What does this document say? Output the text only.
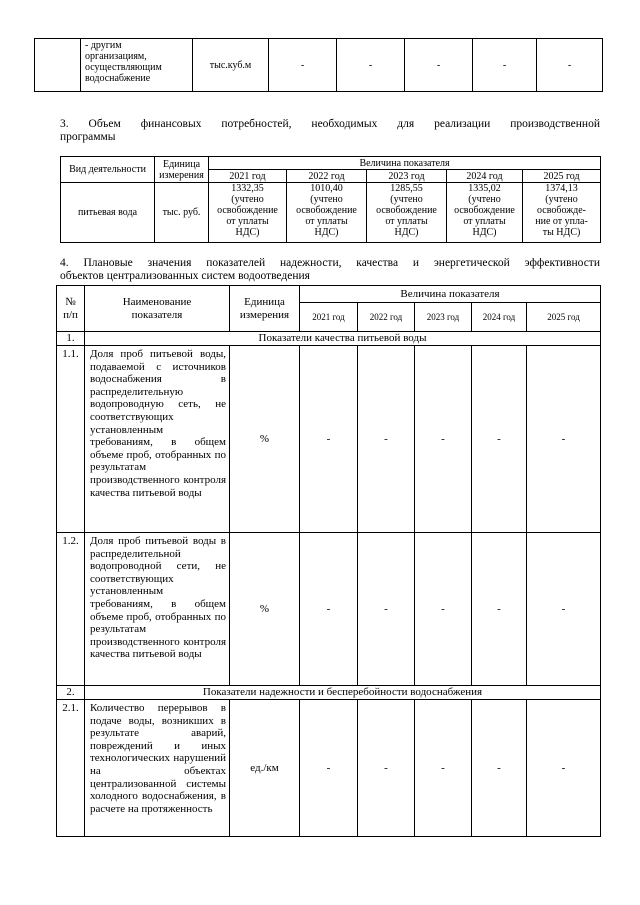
- другим
организациям,
осуществляющим
водоснабжение
	тыс.куб.м	-	-	-	-	-
3. Объем финансовых потребностей, необходимых для реализации производственной
программы
Вид деятельности	Единица измерения	Величина показателя				
		2021 год	2022 год	2023 год	2024 год	2025 год
питьевая вода	тыс. руб.	1332,35
(учтено
освобождение
от уплаты
НДС)	1010,40
(учтено
освобождение
от уплаты
НДС)	1285,55
(учтено
освобождение
от уплаты
НДС)	1335,02
(учтено
освобождение
от уплаты
НДС)	1374,13
(учтено
освобожде-
ние от упла-
ты НДС)
4. Плановые значения показателей надежности, качества и энергетической эффективности
объектов централизованных систем водоотведения
№
п/п	Наименование
показателя	Единица
измерения	Величина показателя				
			2021 год	2022 год	2023 год	2024 год	2025 год
1.	Показатели качества питьевой воды						
1.1.	Доля проб питьевой воды, подаваемой с источников водоснабжения в распределительную водопроводную сеть, не соответствующих установленным требованиям, в общем объеме проб, отобранных по результатам производственного контроля качества питьевой воды	%	-	-	-	-	-
1.2.	Доля проб питьевой воды в распределительной водопроводной сети, не соответствующих установленным требованиям, в общем объеме проб, отобранных по результатам производственного контроля качества питьевой воды	%	-	-	-	-	-
2.	Показатели надежности и бесперебойности водоснабжения						
2.1.	Количество перерывов в подаче воды, возникших в результате аварий, повреждений и иных технологических нарушений на объектах централизованной системы холодного водоснабжения, в расчете на протяженность	ед./км	-	-	-	-	-
